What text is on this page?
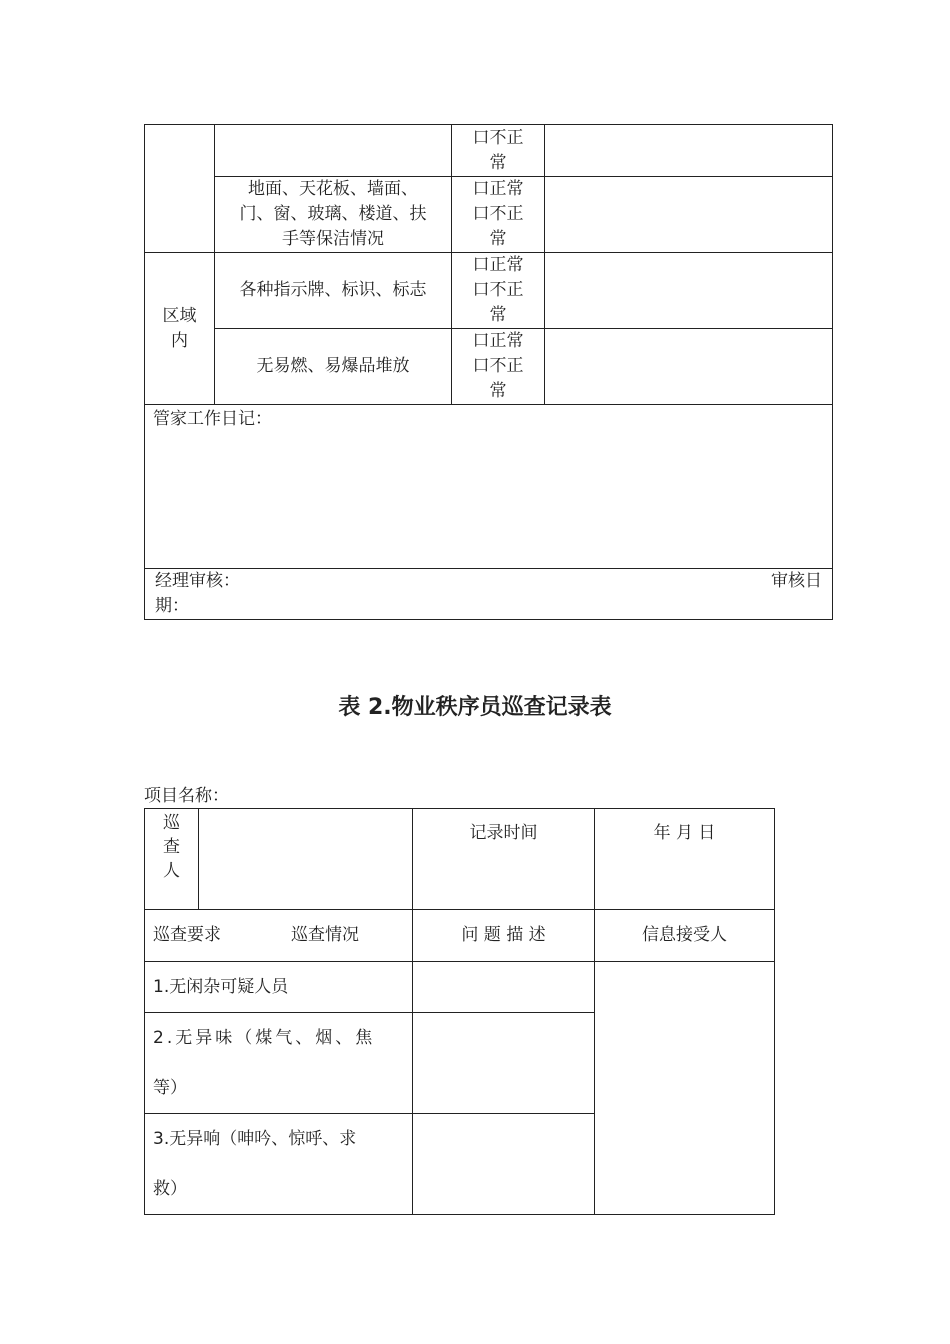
		口不正
常	

	地面、天花板、墙面、
门、窗、玻璃、楼道、扶
手等保洁情况	口正常
口不正
常	

区域
内	各种指示牌、标识、标志	口正常
口不正
常	

	无易燃、易爆品堆放	口正常
口不正
常	

管家工作日记：			

经理审核： 审核日
期：			
表 2.物业秩序员巡查记录表

项目名称：

巡
查
人		记录时间	年 月 日
巡查要求 巡查情况		问 题 描 述	信息接受人
1.无闲杂可疑人员			

2.无异味（煤气、烟、焦
等）			

3.无异响（呻吟、惊呼、求
救）			
